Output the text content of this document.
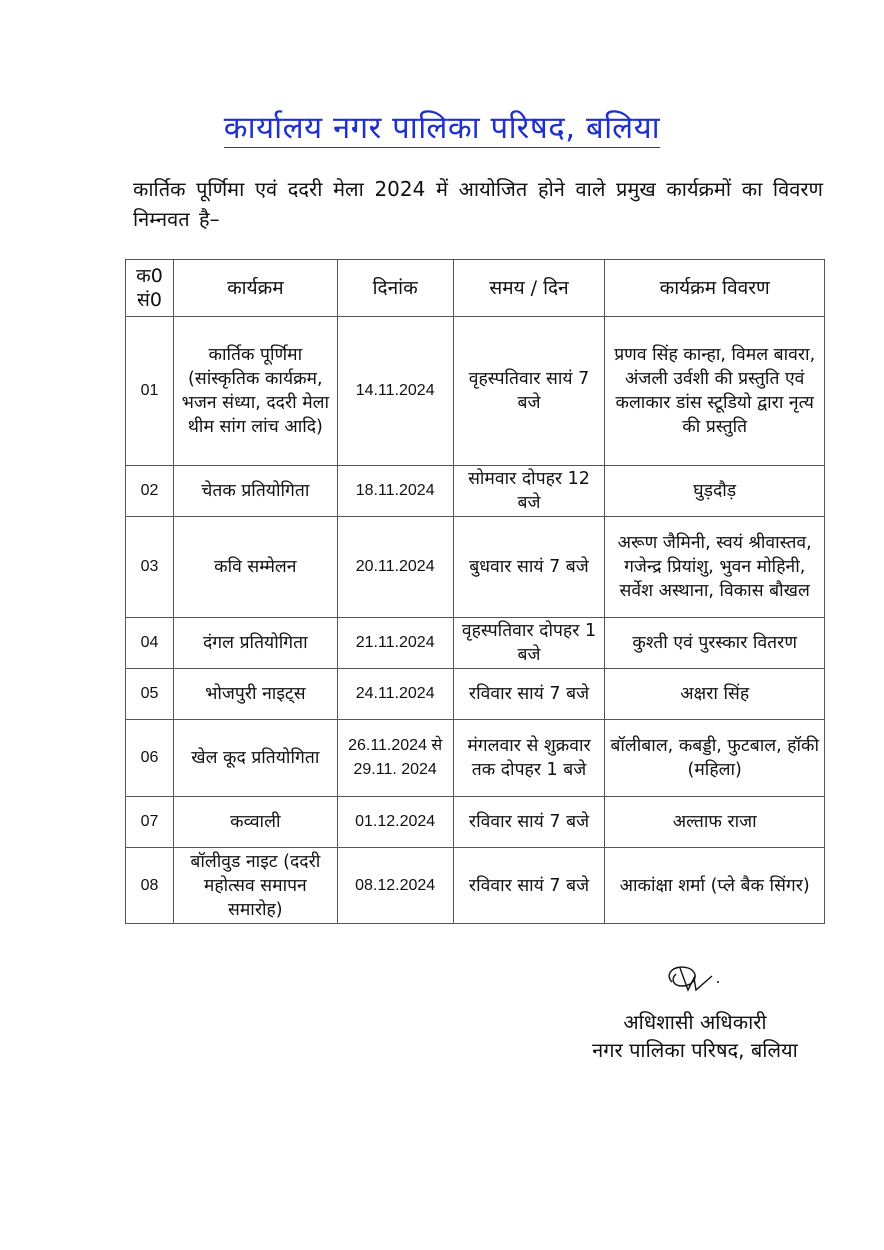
कार्यालय नगर पालिका परिषद, बलिया
कार्तिक पूर्णिमा एवं ददरी मेला 2024 में आयोजित होने वाले प्रमुख कार्यक्रमों का विवरण निम्नवत है–
क0 सं0	कार्यक्रम	दिनांक	समय / दिन	कार्यक्रम विवरण
01	कार्तिक पूर्णिमा (सांस्कृतिक कार्यक्रम, भजन संध्या, ददरी मेला थीम सांग लांच आदि)	14.11.2024	वृहस्पतिवार सायं 7 बजे	प्रणव सिंह कान्हा, विमल बावरा, अंजली उर्वशी की प्रस्तुति एवं कलाकार डांस स्टूडियो द्वारा नृत्य की प्रस्तुति
02	चेतक प्रतियोगिता	18.11.2024	सोमवार दोपहर 12 बजे	घुड़दौड़
03	कवि सम्मेलन	20.11.2024	बुधवार सायं 7 बजे	अरूण जैमिनी, स्वयं श्रीवास्तव, गजेन्द्र प्रियांशु, भुवन मोहिनी, सर्वेश अस्थाना, विकास बौखल
04	दंगल प्रतियोगिता	21.11.2024	वृहस्पतिवार दोपहर 1 बजे	कुश्ती एवं पुरस्कार वितरण
05	भोजपुरी नाइट्स	24.11.2024	रविवार सायं 7 बजे	अक्षरा सिंह
06	खेल कूद प्रतियोगिता	26.11.2024 से 29.11. 2024	मंगलवार से शुक्रवार तक दोपहर 1 बजे	बॉलीबाल, कबड्डी, फुटबाल, हॉकी (महिला)
07	कव्वाली	01.12.2024	रविवार सायं 7 बजे	अल्ताफ राजा
08	बॉलीवुड नाइट (ददरी महोत्सव समापन समारोह)	08.12.2024	रविवार सायं 7 बजे	आकांक्षा शर्मा (प्ले बैक सिंगर)
अधिशासी अधिकारी
नगर पालिका परिषद, बलिया
